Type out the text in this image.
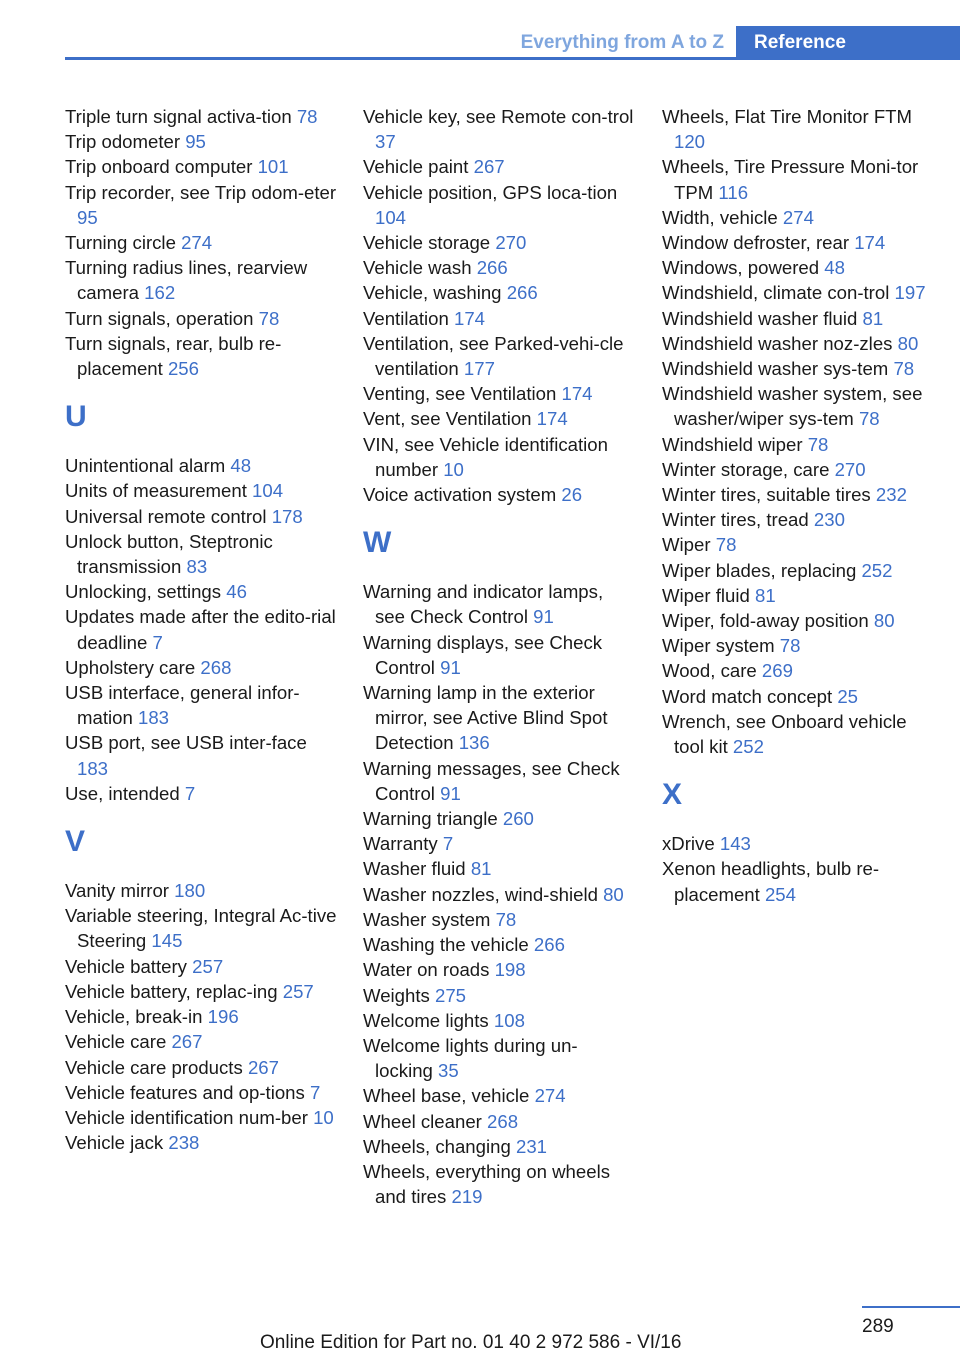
Everything from A to Z	Reference

Triple turn signal activa-tion 78

Trip odometer 95

Trip onboard computer 101

Trip recorder, see Trip odom-eter 95

Turning circle 274

Turning radius lines, rearview camera 162

Turn signals, operation 78

Turn signals, rear, bulb re-placement 256

U

Unintentional alarm 48

Units of measurement 104

Universal remote control 178

Unlock button, Steptronic transmission 83

Unlocking, settings 46

Updates made after the edito-rial deadline 7

Upholstery care 268

USB interface, general infor-mation 183

USB port, see USB inter-face 183

Use, intended 7

V

Vanity mirror 180

Variable steering, Integral Ac-tive Steering 145

Vehicle battery 257

Vehicle battery, replac-ing 257

Vehicle, break-in 196

Vehicle care 267

Vehicle care products 267

Vehicle features and op-tions 7

Vehicle identification num-ber 10

Vehicle jack 238

Vehicle key, see Remote con-trol 37

Vehicle paint 267

Vehicle position, GPS loca-tion 104

Vehicle storage 270

Vehicle wash 266

Vehicle, washing 266

Ventilation 174

Ventilation, see Parked-vehi-cle ventilation 177

Venting, see Ventilation 174

Vent, see Ventilation 174

VIN, see Vehicle identification number 10

Voice activation system 26

W

Warning and indicator lamps, see Check Control 91

Warning displays, see Check Control 91

Warning lamp in the exterior mirror, see Active Blind Spot Detection 136

Warning messages, see Check Control 91

Warning triangle 260

Warranty 7

Washer fluid 81

Washer nozzles, wind-shield 80

Washer system 78

Washing the vehicle 266

Water on roads 198

Weights 275

Welcome lights 108

Welcome lights during un-locking 35

Wheel base, vehicle 274

Wheel cleaner 268

Wheels, changing 231

Wheels, everything on wheels and tires 219

Wheels, Flat Tire Monitor FTM 120

Wheels, Tire Pressure Moni-tor TPM 116

Width, vehicle 274

Window defroster, rear 174

Windows, powered 48

Windshield, climate con-trol 197

Windshield washer fluid 81

Windshield washer noz-zles 80

Windshield washer sys-tem 78

Windshield washer system, see washer/wiper sys-tem 78

Windshield wiper 78

Winter storage, care 270

Winter tires, suitable tires 232

Winter tires, tread 230

Wiper 78

Wiper blades, replacing 252

Wiper fluid 81

Wiper, fold-away position 80

Wiper system 78

Wood, care 269

Word match concept 25

Wrench, see Onboard vehicle tool kit 252

X

xDrive 143

Xenon headlights, bulb re-placement 254

289
Online Edition for Part no. 01 40 2 972 586 - VI/16
